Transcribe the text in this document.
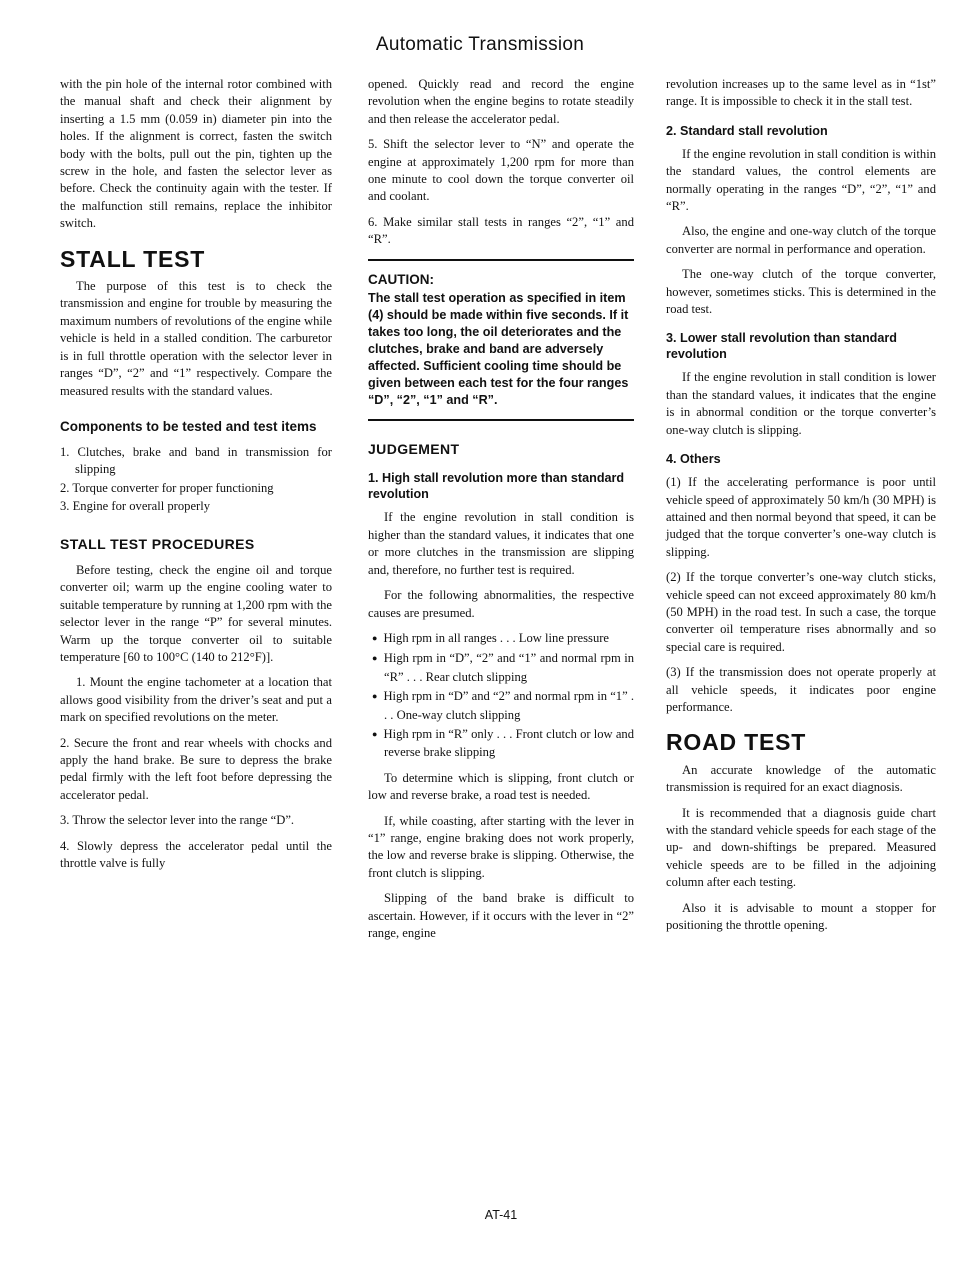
Automatic Transmission

with the pin hole of the internal rotor combined with the manual shaft and check their alignment by inserting a 1.5 mm (0.059 in) diameter pin into the holes. If the alignment is correct, fasten the switch body with the bolts, pull out the pin, tighten up the screw in the hole, and fasten the selector lever as before. Check the continuity again with the tester. If the malfunction still remains, replace the inhibitor switch.

STALL TEST

The purpose of this test is to check the transmission and engine for trouble by measuring the maximum numbers of revolutions of the engine while vehicle is held in a stalled condition. The carburetor is in full throttle operation with the selector lever in ranges “D”, “2” and “1” respectively. Compare the measured results with the standard values.

Components to be tested and test items
1. Clutches, brake and band in transmission for slipping
2. Torque converter for proper functioning
3. Engine for overall properly
STALL TEST PROCEDURES

Before testing, check the engine oil and torque converter oil; warm up the engine cooling water to suitable temperature by running at 1,200 rpm with the selector lever in the range “P” for several minutes. Warm up the torque converter oil to suitable temperature [60 to 100°C (140 to 212°F)].

1. Mount the engine tachometer at a location that allows good visibility from the driver’s seat and put a mark on specified revolutions on the meter.

2. Secure the front and rear wheels with chocks and apply the hand brake. Be sure to depress the brake pedal firmly with the left foot before depressing the accelerator pedal.

3. Throw the selector lever into the range “D”.

4. Slowly depress the accelerator pedal until the throttle valve is fully

opened. Quickly read and record the engine revolution when the engine begins to rotate steadily and then release the accelerator pedal.

5. Shift the selector lever to “N” and operate the engine at approximately 1,200 rpm for more than one minute to cool down the torque converter oil and coolant.

6. Make similar stall tests in ranges “2”, “1” and “R”.

CAUTION:
The stall test operation as specified in item (4) should be made within five seconds. If it takes too long, the oil deteriorates and the clutches, brake and band are adversely affected. Sufficient cooling time should be given between each test for the four ranges “D”, “2”, “1” and “R”.
JUDGEMENT
1. High stall revolution more than standard revolution

If the engine revolution in stall condition is higher than the standard values, it indicates that one or more clutches in the transmission are slipping and, therefore, no further test is required.

For the following abnormalities, the respective causes are presumed.

● High rpm in all ranges . . . Low line pressure
● High rpm in “D”, “2” and “1” and normal rpm in “R” . . . Rear clutch slipping
● High rpm in “D” and “2” and normal rpm in “1” . . . One-way clutch slipping
● High rpm in “R” only . . . Front clutch or low and reverse brake slipping

To determine which is slipping, front clutch or low and reverse brake, a road test is needed.

If, while coasting, after starting with the lever in “1” range, engine braking does not work properly, the low and reverse brake is slipping. Otherwise, the front clutch is slipping.

Slipping of the band brake is difficult to ascertain. However, if it occurs with the lever in “2” range, engine

revolution increases up to the same level as in “1st” range. It is impossible to check it in the stall test.

2. Standard stall revolution

If the engine revolution in stall condition is within the standard values, the control elements are normally operating in the ranges “D”, “2”, “1” and “R”.

Also, the engine and one-way clutch of the torque converter are normal in performance and operation.

The one-way clutch of the torque converter, however, sometimes sticks. This is determined in the road test.

3. Lower stall revolution than standard revolution

If the engine revolution in stall condition is lower than the standard values, it indicates that the engine is in abnormal condition or the torque converter’s one-way clutch is slipping.

4. Others

(1) If the accelerating performance is poor until vehicle speed of approximately 50 km/h (30 MPH) is attained and then normal beyond that speed, it can be judged that the torque converter’s one-way clutch is slipping.

(2) If the torque converter’s one-way clutch sticks, vehicle speed can not exceed approximately 80 km/h (50 MPH) in the road test. In such a case, the torque converter oil temperature rises abnormally and so special care is required.

(3) If the transmission does not operate properly at all vehicle speeds, it indicates poor engine performance.

ROAD TEST

An accurate knowledge of the automatic transmission is required for an exact diagnosis.

It is recommended that a diagnosis guide chart with the standard vehicle speeds for each stage of the up- and down-shiftings be prepared. Measured vehicle speeds are to be filled in the adjoining column after each testing.

Also it is advisable to mount a stopper for positioning the throttle opening.

AT-41
